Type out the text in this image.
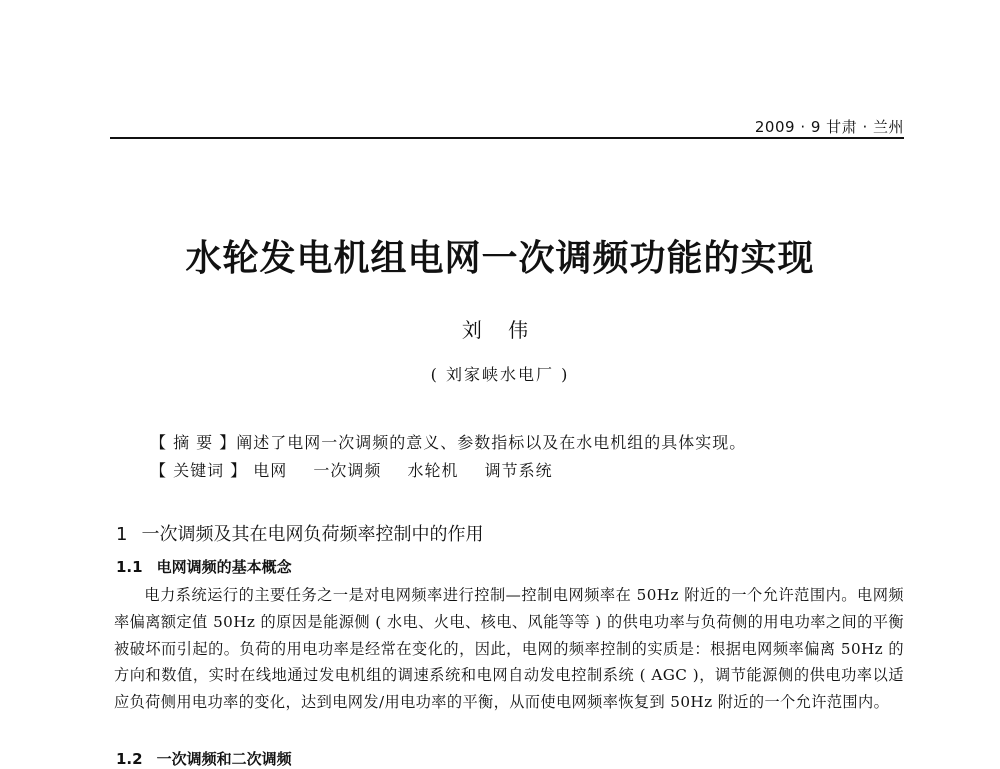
2009 · 9 甘肃 · 兰州
水轮发电机组电网一次调频功能的实现
刘 伟
( 刘家峡水电厂 )
【 摘 要 】阐述了电网一次调频的意义、参数指标以及在水电机组的具体实现。
【 关键词 】 电网 一次调频 水轮机 调节系统
1 一次调频及其在电网负荷频率控制中的作用
1.1 电网调频的基本概念

电力系统运行的主要任务之一是对电网频率进行控制—控制电网频率在 50Hz 附近的一个允许范围内。电网频率偏离额定值 50Hz 的原因是能源侧 ( 水电、火电、核电、风能等等 ) 的供电功率与负荷侧的用电功率之间的平衡被破坏而引起的。负荷的用电功率是经常在变化的，因此，电网的频率控制的实质是：根据电网频率偏离 50Hz 的方向和数值，实时在线地通过发电机组的调速系统和电网自动发电控制系统 ( AGC )，调节能源侧的供电功率以适应负荷侧用电功率的变化，达到电网发/用电功率的平衡，从而使电网频率恢复到 50Hz 附近的一个允许范围内。

1.2 一次调频和二次调频
